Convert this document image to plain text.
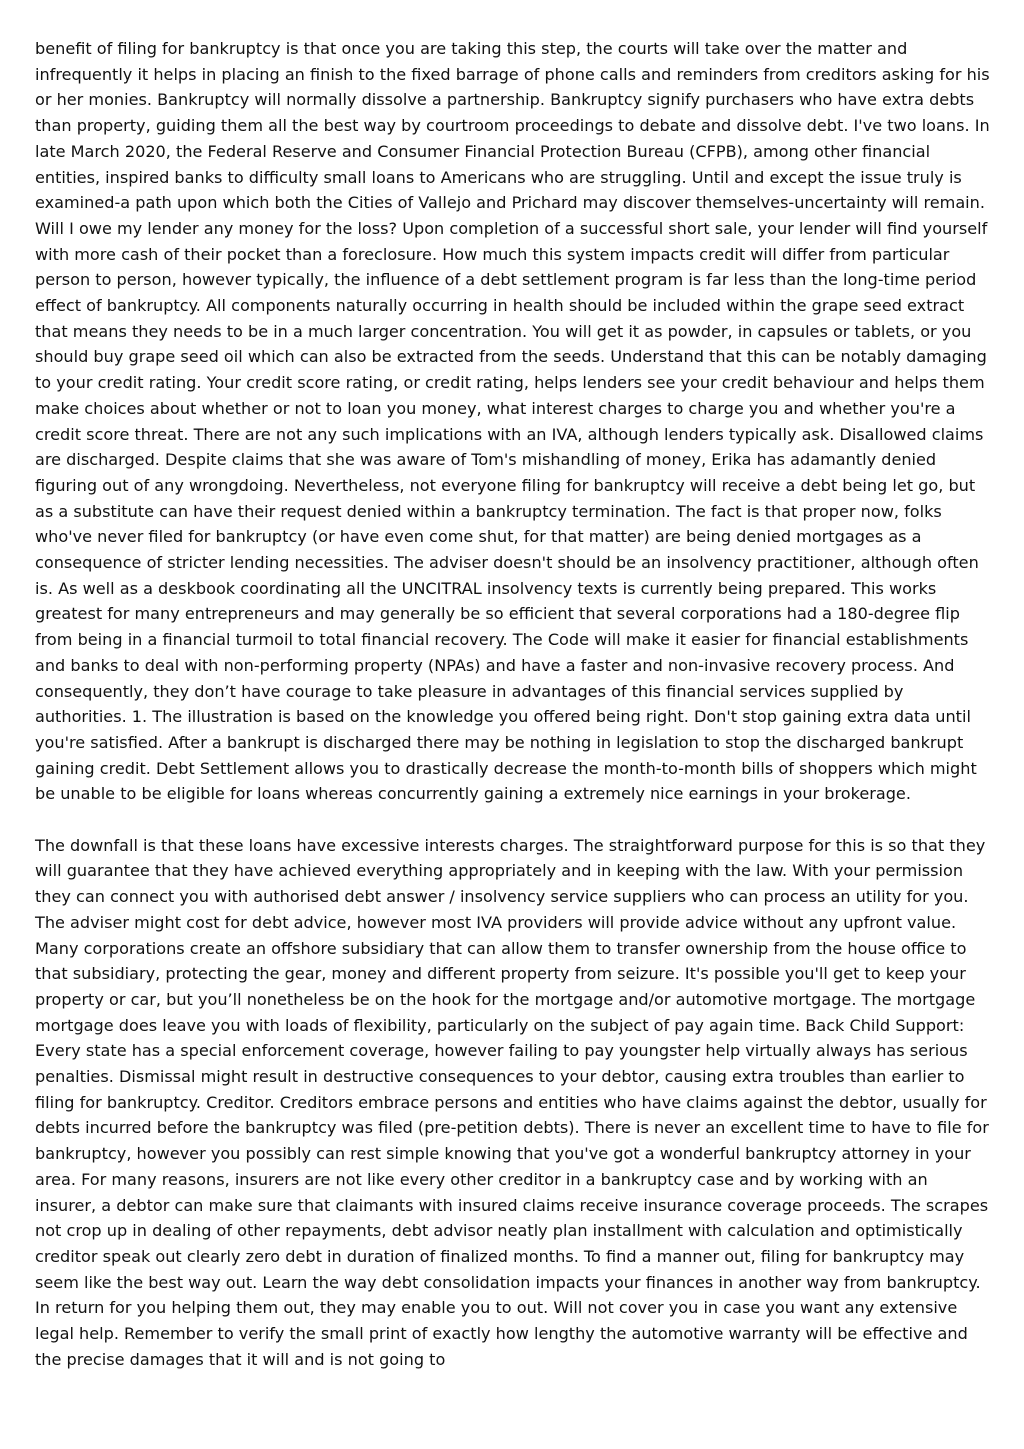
benefit of filing for bankruptcy is that once you are taking this step, the courts will take over the matter and infrequently it helps in placing an finish to the fixed barrage of phone calls and reminders from creditors asking for his or her monies. Bankruptcy will normally dissolve a partnership. Bankruptcy signify purchasers who have extra debts than property, guiding them all the best way by courtroom proceedings to debate and dissolve debt. I've two loans. In late March 2020, the Federal Reserve and Consumer Financial Protection Bureau (CFPB), among other financial entities, inspired banks to difficulty small loans to Americans who are struggling. Until and except the issue truly is examined-a path upon which both the Cities of Vallejo and Prichard may discover themselves-uncertainty will remain. Will I owe my lender any money for the loss? Upon completion of a successful short sale, your lender will find yourself with more cash of their pocket than a foreclosure. How much this system impacts credit will differ from particular person to person, however typically, the influence of a debt settlement program is far less than the long-time period effect of bankruptcy. All components naturally occurring in health should be included within the grape seed extract that means they needs to be in a much larger concentration. You will get it as powder, in capsules or tablets, or you should buy grape seed oil which can also be extracted from the seeds. Understand that this can be notably damaging to your credit rating. Your credit score rating, or credit rating, helps lenders see your credit behaviour and helps them make choices about whether or not to loan you money, what interest charges to charge you and whether you're a credit score threat. There are not any such implications with an IVA, although lenders typically ask. Disallowed claims are discharged. Despite claims that she was aware of Tom's mishandling of money, Erika has adamantly denied figuring out of any wrongdoing. Nevertheless, not everyone filing for bankruptcy will receive a debt being let go, but as a substitute can have their request denied within a bankruptcy termination. The fact is that proper now, folks who've never filed for bankruptcy (or have even come shut, for that matter) are being denied mortgages as a consequence of stricter lending necessities. The adviser doesn't should be an insolvency practitioner, although often is. As well as a deskbook coordinating all the UNCITRAL insolvency texts is currently being prepared. This works greatest for many entrepreneurs and may generally be so efficient that several corporations had a 180-degree flip from being in a financial turmoil to total financial recovery. The Code will make it easier for financial establishments and banks to deal with non-performing property (NPAs) and have a faster and non-invasive recovery process. And consequently, they don’t have courage to take pleasure in advantages of this financial services supplied by authorities. 1. The illustration is based on the knowledge you offered being right. Don't stop gaining extra data until you're satisfied. After a bankrupt is discharged there may be nothing in legislation to stop the discharged bankrupt gaining credit. Debt Settlement allows you to drastically decrease the month-to-month bills of shoppers which might be unable to be eligible for loans whereas concurrently gaining a extremely nice earnings in your brokerage.

The downfall is that these loans have excessive interests charges. The straightforward purpose for this is so that they will guarantee that they have achieved everything appropriately and in keeping with the law. With your permission they can connect you with authorised debt answer / insolvency service suppliers who can process an utility for you. The adviser might cost for debt advice, however most IVA providers will provide advice without any upfront value. Many corporations create an offshore subsidiary that can allow them to transfer ownership from the house office to that subsidiary, protecting the gear, money and different property from seizure. It's possible you'll get to keep your property or car, but you’ll nonetheless be on the hook for the mortgage and/or automotive mortgage. The mortgage mortgage does leave you with loads of flexibility, particularly on the subject of pay again time. Back Child Support: Every state has a special enforcement coverage, however failing to pay youngster help virtually always has serious penalties. Dismissal might result in destructive consequences to your debtor, causing extra troubles than earlier to filing for bankruptcy. Creditor. Creditors embrace persons and entities who have claims against the debtor, usually for debts incurred before the bankruptcy was filed (pre-petition debts). There is never an excellent time to have to file for bankruptcy, however you possibly can rest simple knowing that you've got a wonderful bankruptcy attorney in your area. For many reasons, insurers are not like every other creditor in a bankruptcy case and by working with an insurer, a debtor can make sure that claimants with insured claims receive insurance coverage proceeds. The scrapes not crop up in dealing of other repayments, debt advisor neatly plan installment with calculation and optimistically creditor speak out clearly zero debt in duration of finalized months. To find a manner out, filing for bankruptcy may seem like the best way out. Learn the way debt consolidation impacts your finances in another way from bankruptcy. In return for you helping them out, they may enable you to out. Will not cover you in case you want any extensive legal help. Remember to verify the small print of exactly how lengthy the automotive warranty will be effective and the precise damages that it will and is not going to
